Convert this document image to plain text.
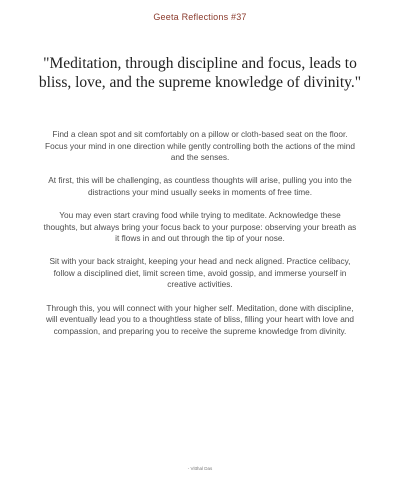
Geeta Reflections #37

"Meditation, through discipline and focus, leads to bliss, love, and the supreme knowledge of divinity."

Find a clean spot and sit comfortably on a pillow or cloth-based seat on the floor. Focus your mind in one direction while gently controlling both the actions of the mind and the senses.

At first, this will be challenging, as countless thoughts will arise, pulling you into the distractions your mind usually seeks in moments of free time.

You may even start craving food while trying to meditate. Acknowledge these thoughts, but always bring your focus back to your purpose: observing your breath as it flows in and out through the tip of your nose.

Sit with your back straight, keeping your head and neck aligned. Practice celibacy, follow a disciplined diet, limit screen time, avoid gossip, and immerse yourself in creative activities.

Through this, you will connect with your higher self. Meditation, done with discipline, will eventually lead you to a thoughtless state of bliss, filling your heart with love and compassion, and preparing you to receive the supreme knowledge from divinity.

- Vitthal Das
